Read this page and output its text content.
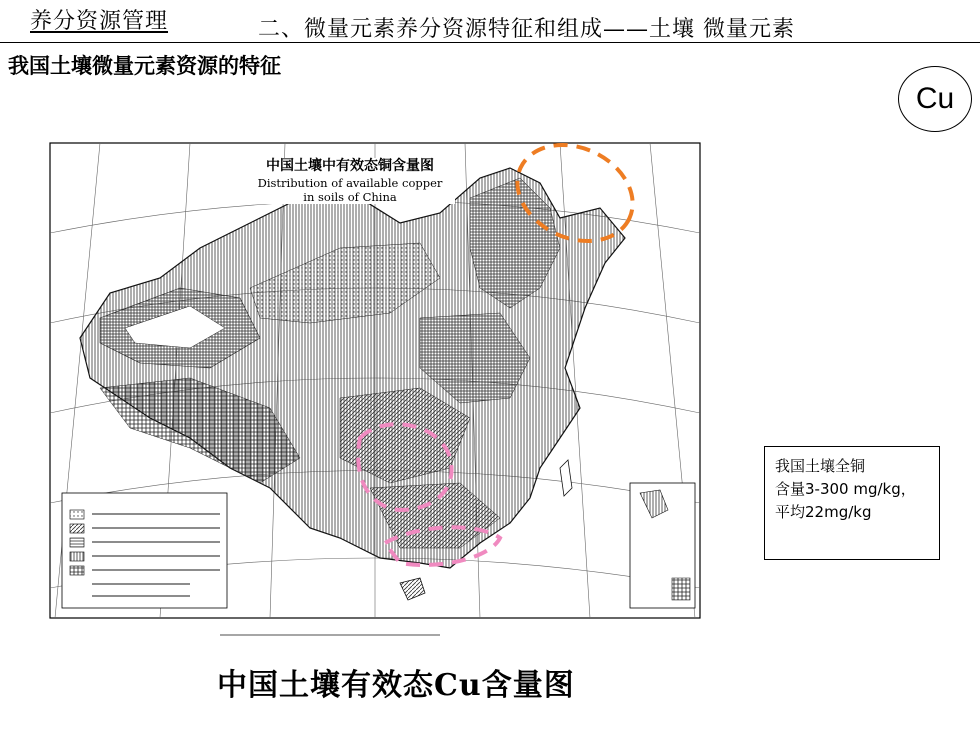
养分资源管理	二、微量元素养分资源特征和组成——土壤 微量元素
我国土壤微量元素资源的特征
Cu
中国土壤中有效态铜含量图
Distribution of available copper
in soils of China
我国土壤全铜
含量3-300 mg/kg，
平均22mg/kg
中国土壤有效态Cu含量图
